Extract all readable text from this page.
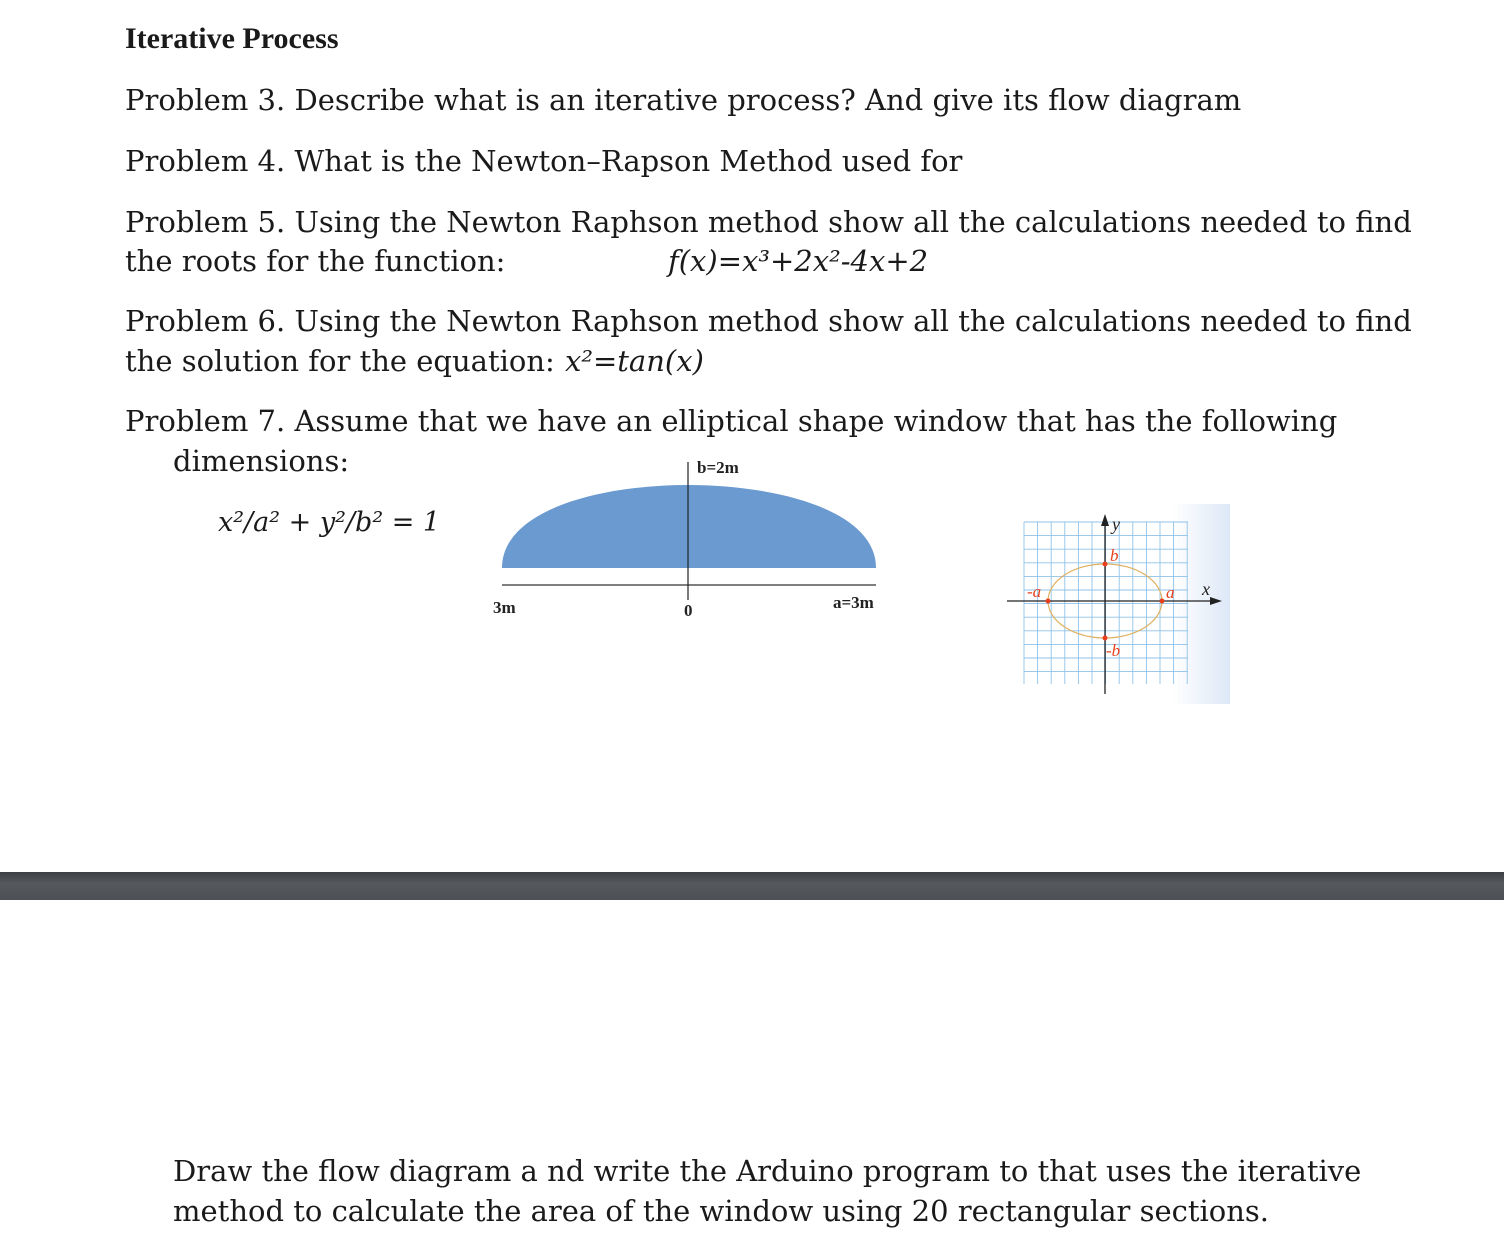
Iterative Process
Problem 3. Describe what is an iterative process? And give its flow diagram
Problem 4. What is the Newton–Rapson Method used for
Problem 5. Using the Newton Raphson method show all the calculations needed to find
the roots for the function:	f(x)=x³+2x²-4x+2
Problem 6. Using the Newton Raphson method show all the calculations needed to find
the solution for the equation: x²=tan(x)
Problem 7. Assume that we have an elliptical shape window that has the following
dimensions:
x²/a² + y²/b² = 1
b=2m
3m	0	a=3m
y
x
b
-b
a
-a
Draw the flow diagram a nd write the Arduino program to that uses the iterative
method to calculate the area of the window using 20 rectangular sections.
